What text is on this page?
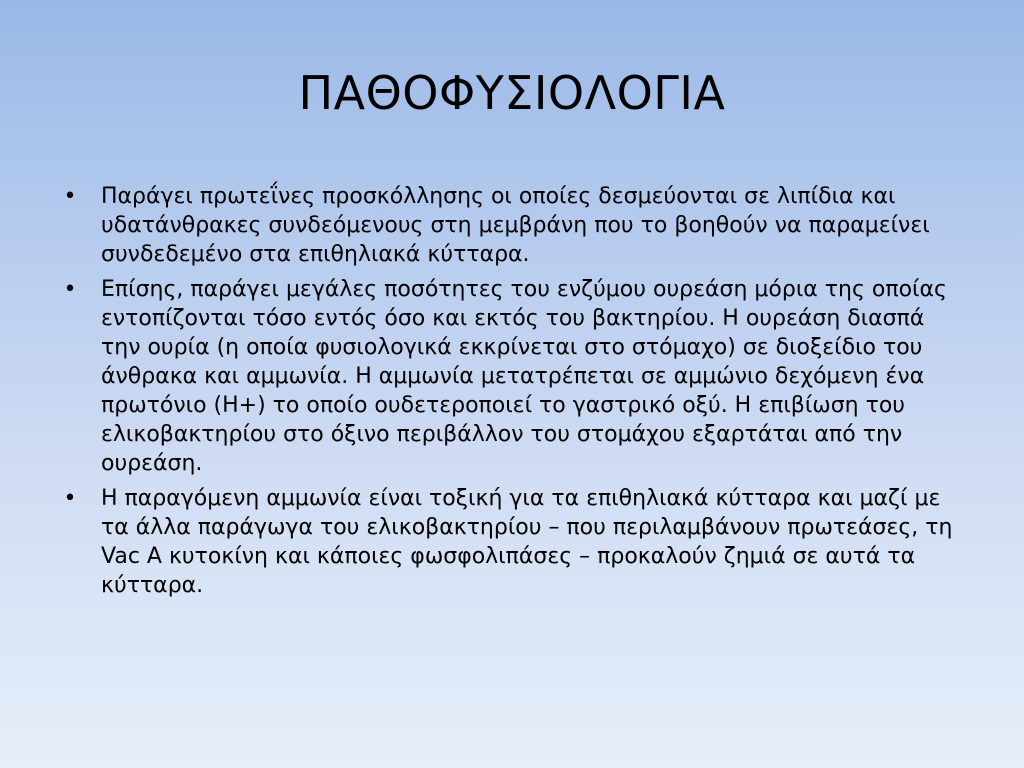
ΠΑΘΟΦΥΣΙΟΛΟΓΙΑ
• Παράγει πρωτεΐνες προσκόλλησης οι οποίες δεσμεύονται σε λιπίδια και υδατάνθρακες συνδεόμενους στη μεμβράνη που το βοηθούν να παραμείνει συνδεδεμένο στα επιθηλιακά κύτταρα.
• Επίσης, παράγει μεγάλες ποσότητες του ενζύμου ουρεάση μόρια της οποίας εντοπίζονται τόσο εντός όσο και εκτός του βακτηρίου. Η ουρεάση διασπά την ουρία (η οποία φυσιολογικά εκκρίνεται στο στόμαχο) σε διοξείδιο του άνθρακα και αμμωνία. Η αμμωνία μετατρέπεται σε αμμώνιο δεχόμενη ένα πρωτόνιο (Η+) το οποίο ουδετεροποιεί το γαστρικό οξύ. Η επιβίωση του ελικοβακτηρίου στο όξινο περιβάλλον του στομάχου εξαρτάται από την ουρεάση.
• Η παραγόμενη αμμωνία είναι τοξική για τα επιθηλιακά κύτταρα και μαζί με τα άλλα παράγωγα του ελικοβακτηρίου – που περιλαμβάνουν πρωτεάσες, τη Vac A κυτοκίνη και κάποιες φωσφολιπάσες – προκαλούν ζημιά σε αυτά τα κύτταρα.
